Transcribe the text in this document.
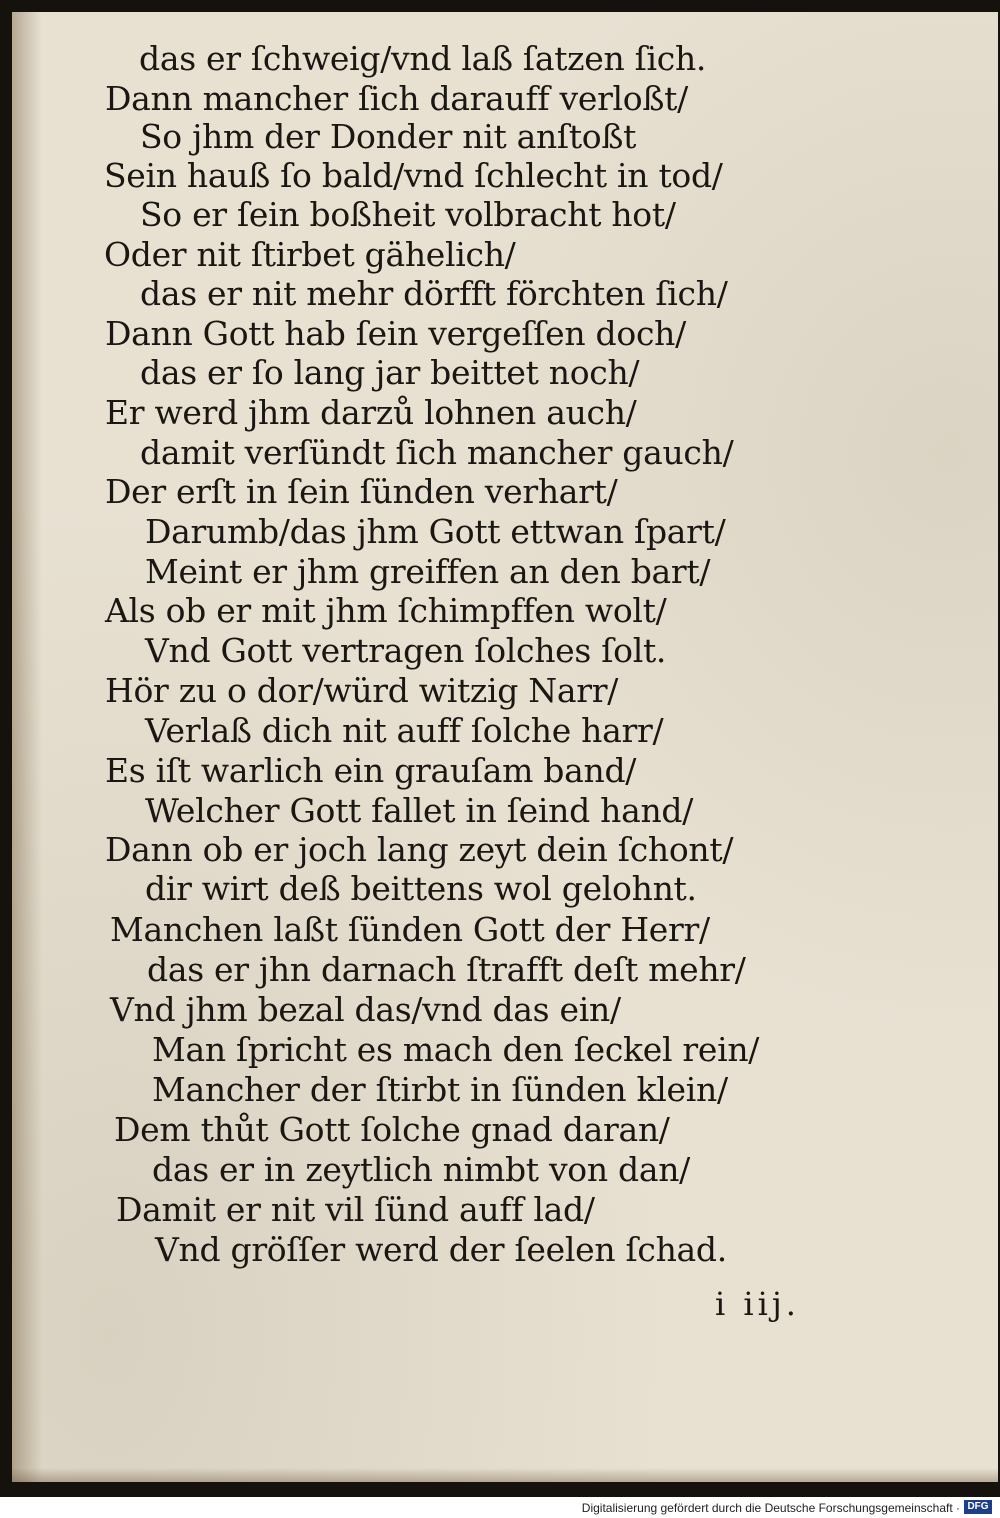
das er ſchweig/vnd laß ſatzen ſich.
Dann mancher ſich darauff verloßt/
So jhm der Donder nit anſtoßt
Sein hauß ſo bald/vnd ſchlecht in tod/
So er ſein boßheit volbracht hot/
Oder nit ſtirbet gähelich/
das er nit mehr dörfft förchten ſich/
Dann Gott hab ſein vergeſſen doch/
das er ſo lang jar beittet noch/
Er werd jhm darzů lohnen auch/
damit verſündt ſich mancher gauch/
Der erſt in ſein ſünden verhart/
Darumb/das jhm Gott ettwan ſpart/
Meint er jhm greiffen an den bart/
Als ob er mit jhm ſchimpffen wolt/
Vnd Gott vertragen ſolches ſolt.
Hör zu o dor/würd witzig Narr/
Verlaß dich nit auff ſolche harr/
Es iſt warlich ein grauſam band/
Welcher Gott fallet in ſeind hand/
Dann ob er joch lang zeyt dein ſchont/
dir wirt deß beittens wol gelohnt.
Manchen laßt ſünden Gott der Herr/
das er jhn darnach ſtrafft deſt mehr/
Vnd jhm bezal das/vnd das ein/
Man ſpricht es mach den ſeckel rein/
Mancher der ſtirbt in ſünden klein/
Dem thůt Gott ſolche gnad daran/
das er in zeytlich nimbt von dan/
Damit er nit vil ſünd auff lad/
Vnd gröſſer werd der ſeelen ſchad.
i iij.
Digitalisierung gefördert durch die Deutsche Forschungsgemeinschaft · DFG
